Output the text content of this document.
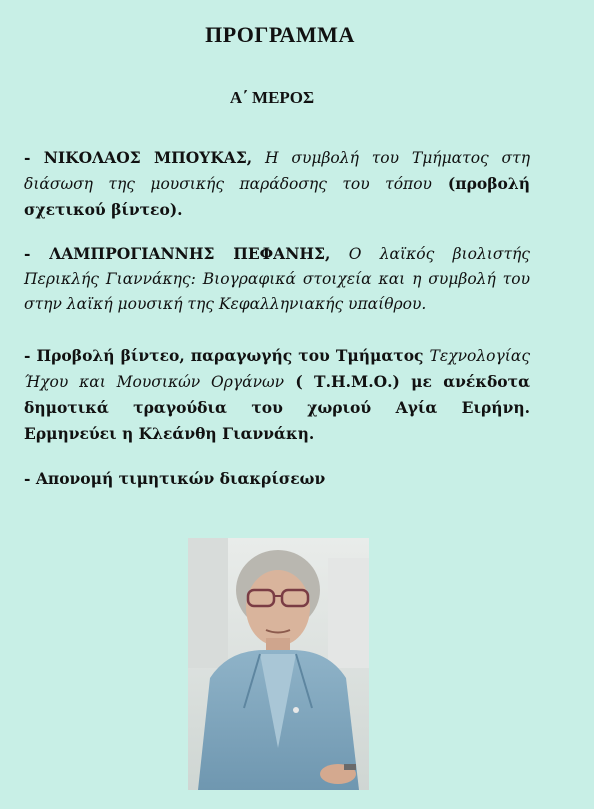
ΠΡΟΓΡΑΜΜΑ
Α΄ ΜΕΡΟΣ
- ΝΙΚΟΛΑΟΣ ΜΠΟΥΚΑΣ, Η συμβολή του Τμήματος στη διάσωση της μουσικής παράδοσης του τόπου (προβολή σχετικού βίντεο).
- ΛΑΜΠΡΟΓΙΑΝΝΗΣ ΠΕΦΑΝΗΣ, Ο λαϊκός βιολιστής Περικλής Γιαννάκης: Βιογραφικά στοιχεία και η συμβολή του στην λαϊκή μουσική της Κεφαλληνιακής υπαίθρου.
- Προβολή βίντεο, παραγωγής του Τμήματος Τεχνολογίας Ήχου και Μουσικών Οργάνων ( Τ.Η.Μ.Ο.) με ανέκδοτα δημοτικά τραγούδια του χωριού Αγία Ειρήνη. Ερμηνεύει η Κλεάνθη Γιαννάκη.
- Απονομή τιμητικών διακρίσεων
